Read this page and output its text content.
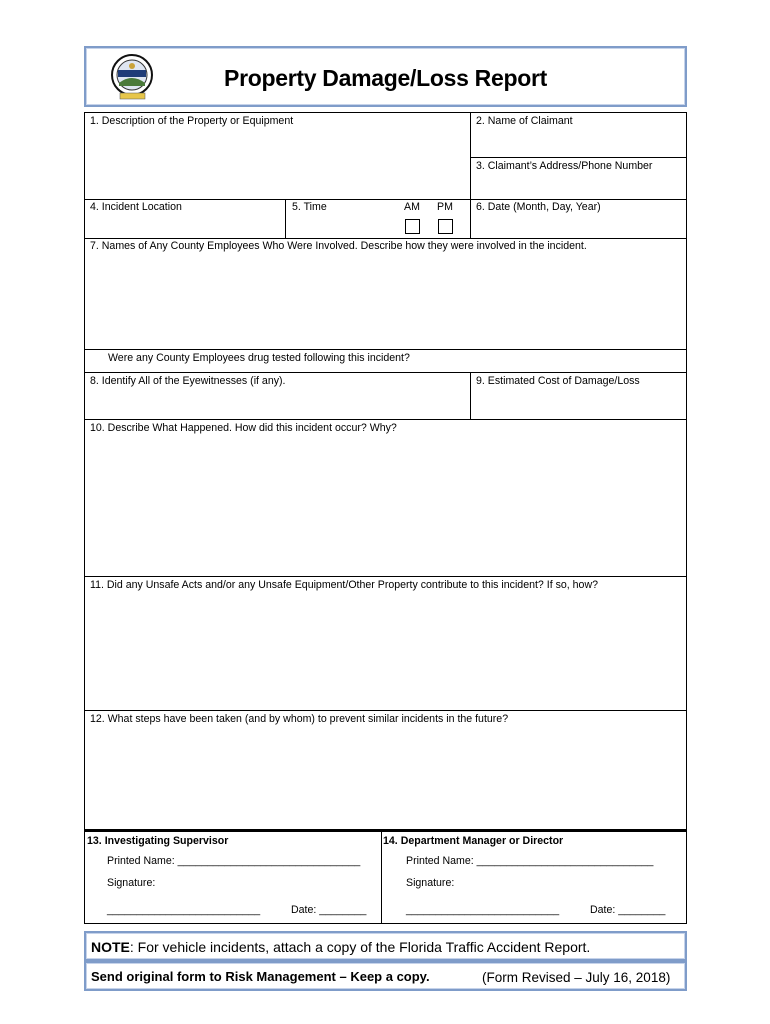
Property Damage/Loss Report
1. Description of the Property or Equipment	2. Name of Claimant
3. Claimant’s Address/Phone Number
4. Incident Location	5. Time	AM PM 6. Date (Month, Day, Year)
7. Names of Any County Employees Who Were Involved. Describe how they were involved in the incident.
Were any County Employees drug tested following this incident?
8. Identify All of the Eyewitnesses (if any).	9. Estimated Cost of Damage/Loss
10. Describe What Happened. How did this incident occur? Why?
11. Did any Unsafe Acts and/or any Unsafe Equipment/Other Property contribute to this incident? If so, how?
12. What steps have been taken (and by whom) to prevent similar incidents in the future?
13. Investigating Supervisor
Printed Name: _______________________________
Signature:
__________________________	Date: ________
14. Department Manager or Director
Printed Name: ______________________________
Signature:
__________________________	Date: ________
NOTE: For vehicle incidents, attach a copy of the Florida Traffic Accident Report.
Send original form to Risk Management – Keep a copy.	(Form Revised – July 16, 2018)
